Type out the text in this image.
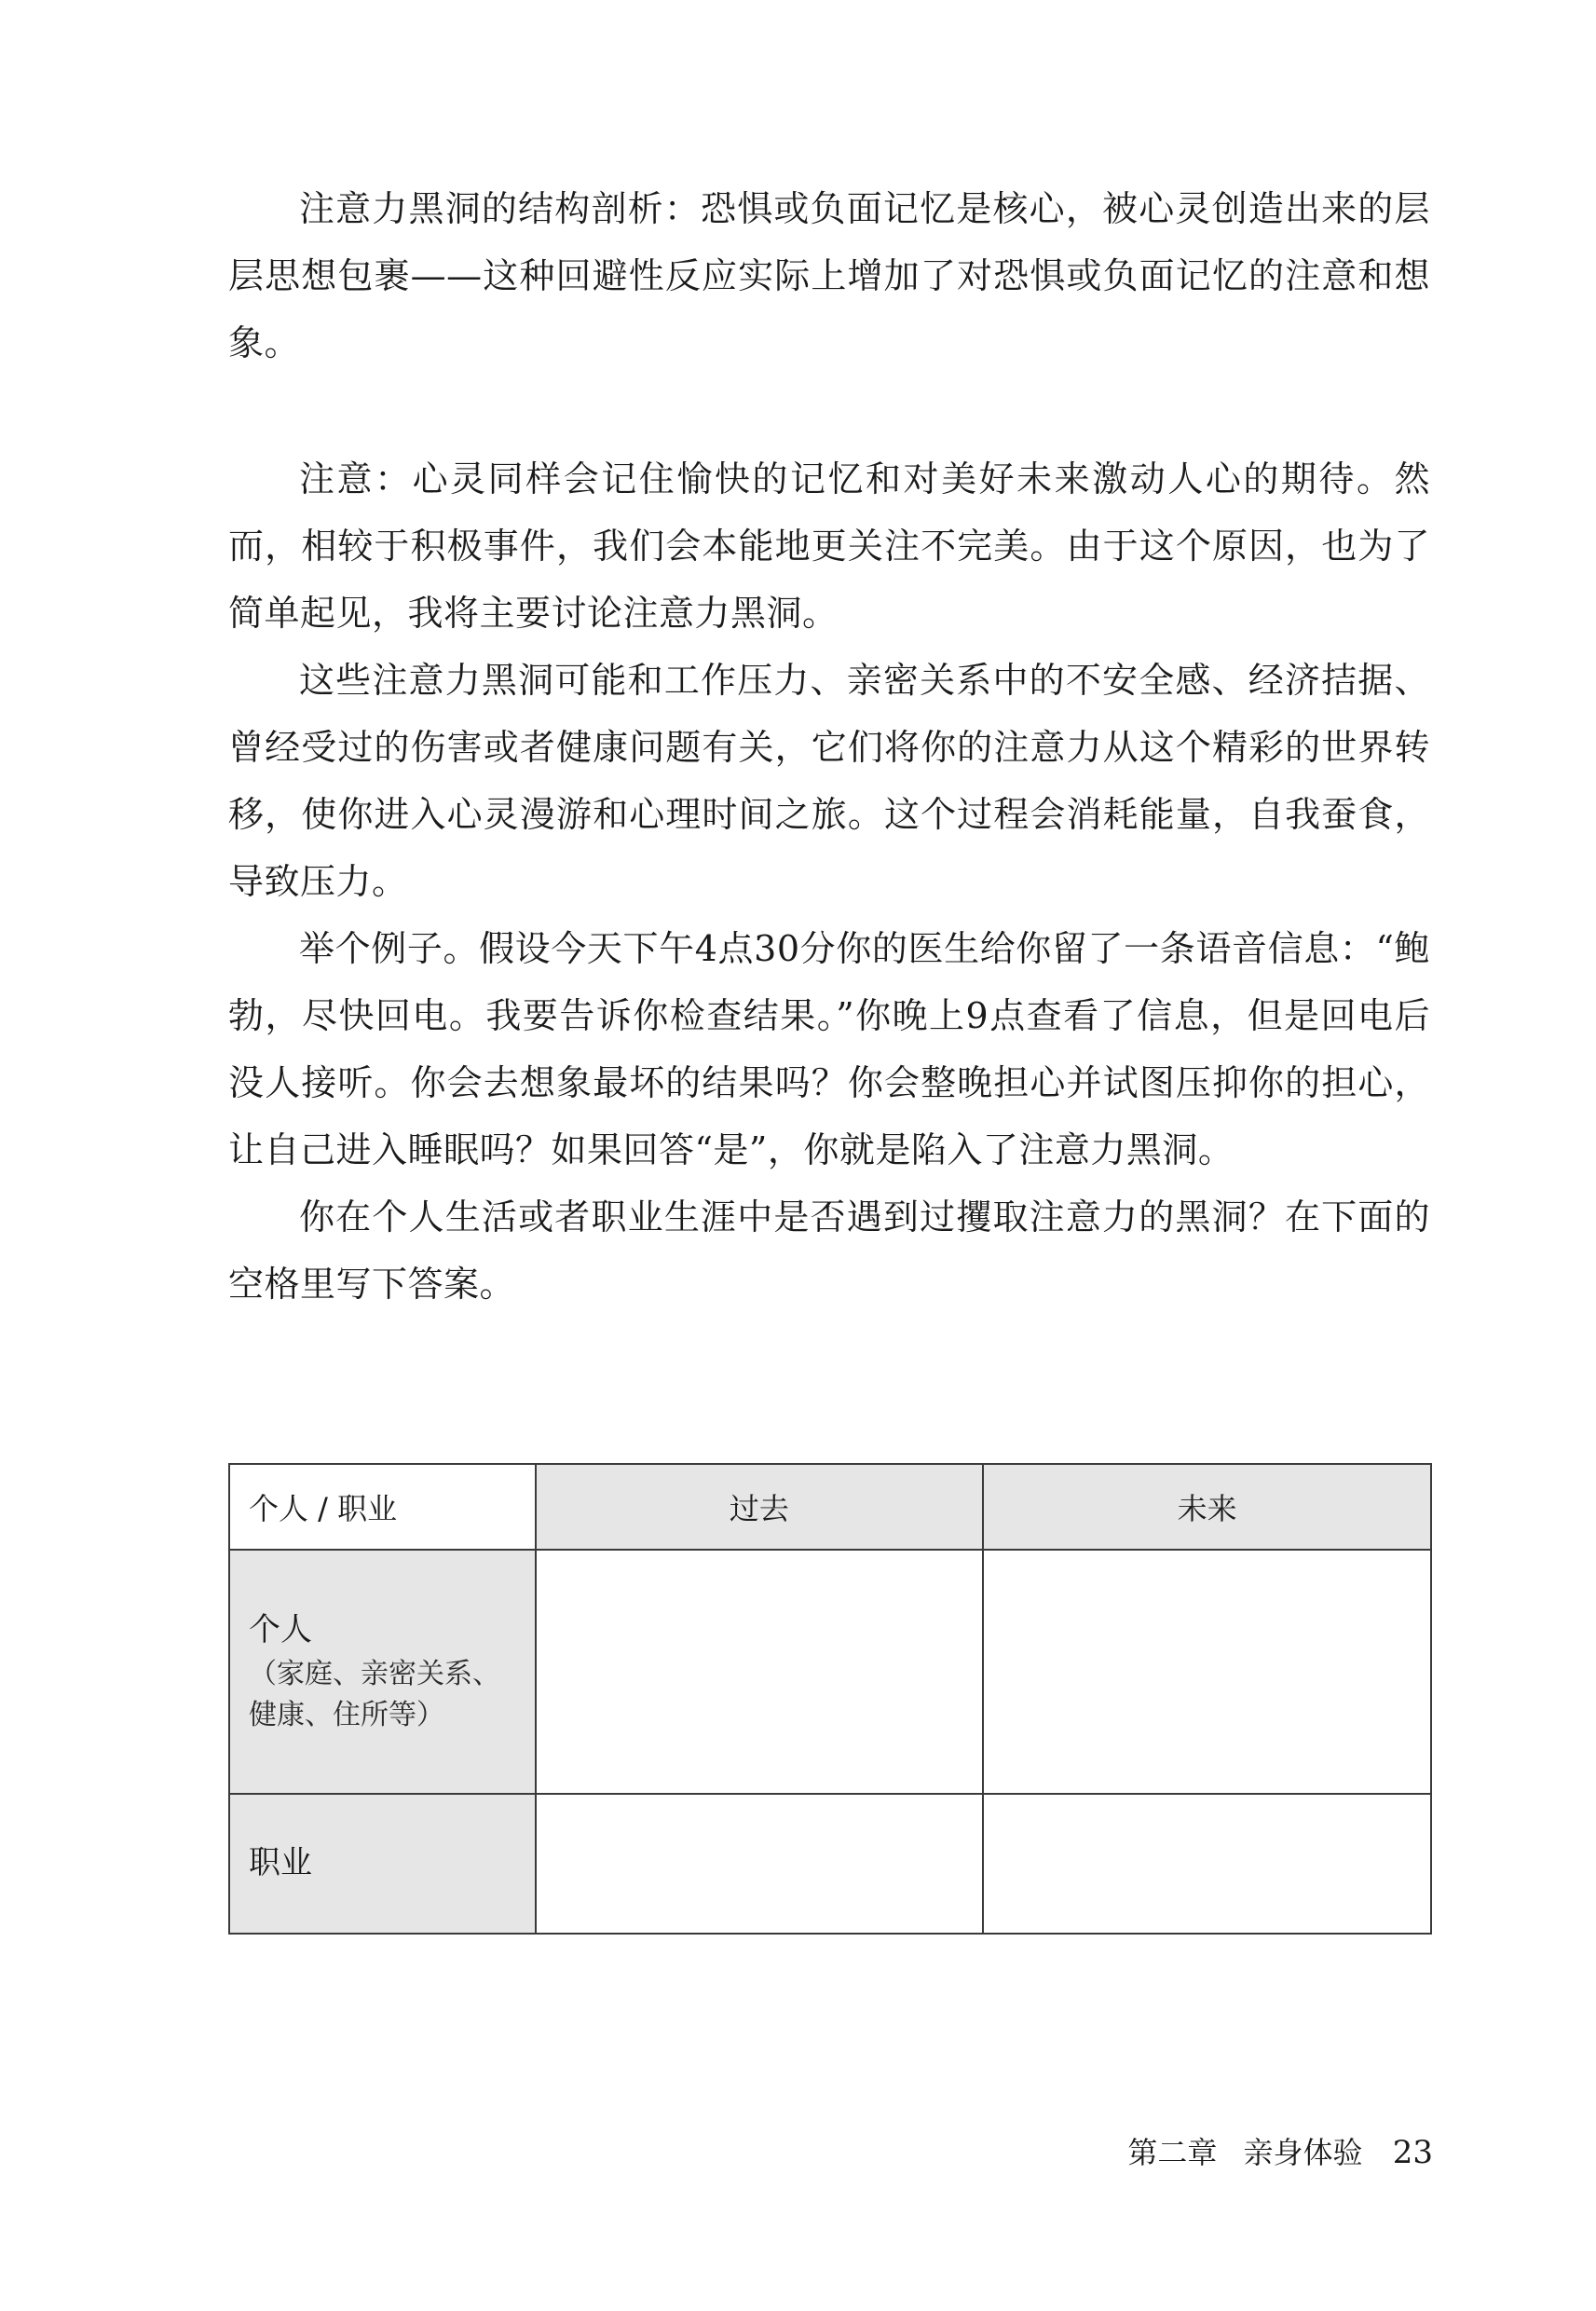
注意力黑洞的结构剖析：恐惧或负面记忆是核心，被心灵创造出来的层层思想包裹——这种回避性反应实际上增加了对恐惧或负面记忆的注意和想象。

注意：心灵同样会记住愉快的记忆和对美好未来激动人心的期待。然而，相较于积极事件，我们会本能地更关注不完美。由于这个原因，也为了简单起见，我将主要讨论注意力黑洞。

这些注意力黑洞可能和工作压力、亲密关系中的不安全感、经济拮据、曾经受过的伤害或者健康问题有关，它们将你的注意力从这个精彩的世界转移，使你进入心灵漫游和心理时间之旅。这个过程会消耗能量，自我蚕食，导致压力。

举个例子。假设今天下午4点30分你的医生给你留了一条语音信息：“鲍勃，尽快回电。我要告诉你检查结果。”你晚上9点查看了信息，但是回电后没人接听。你会去想象最坏的结果吗？你会整晚担心并试图压抑你的担心，让自己进入睡眠吗？如果回答“是”，你就是陷入了注意力黑洞。

你在个人生活或者职业生涯中是否遇到过攫取注意力的黑洞？在下面的空格里写下答案。

个人 / 职业	过去	未来

个人
（家庭、亲密关系、
健康、住所等）		

职业		

第二章 亲身体验 23
